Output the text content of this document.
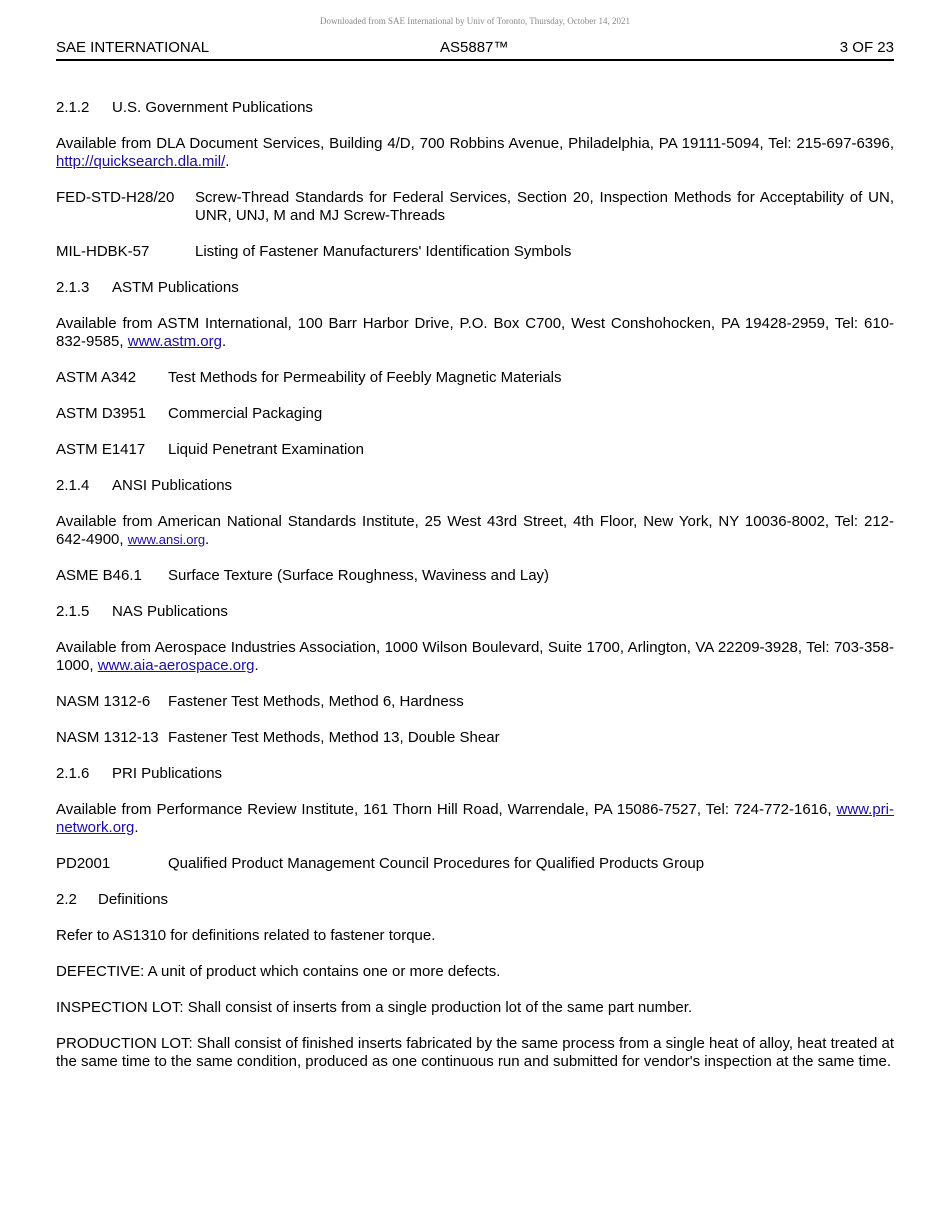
Downloaded from SAE International by Univ of Toronto, Thursday, October 14, 2021
SAE INTERNATIONAL	AS5887™	3 OF 23
2.1.2 U.S. Government Publications

Available from DLA Document Services, Building 4/D, 700 Robbins Avenue, Philadelphia, PA 19111-5094, Tel: 215-697-6396, http://quicksearch.dla.mil/.

FED-STD-H28/20	Screw-Thread Standards for Federal Services, Section 20, Inspection Methods for Acceptability of UN, UNR, UNJ, M and MJ Screw-Threads
MIL-HDBK-57	Listing of Fastener Manufacturers' Identification Symbols
2.1.3 ASTM Publications

Available from ASTM International, 100 Barr Harbor Drive, P.O. Box C700, West Conshohocken, PA 19428-2959, Tel: 610-832-9585, www.astm.org.

ASTM A342	Test Methods for Permeability of Feebly Magnetic Materials
ASTM D3951	Commercial Packaging
ASTM E1417	Liquid Penetrant Examination
2.1.4 ANSI Publications

Available from American National Standards Institute, 25 West 43rd Street, 4th Floor, New York, NY 10036-8002, Tel: 212-642-4900, www.ansi.org.

ASME B46.1	Surface Texture (Surface Roughness, Waviness and Lay)
2.1.5 NAS Publications

Available from Aerospace Industries Association, 1000 Wilson Boulevard, Suite 1700, Arlington, VA 22209-3928, Tel: 703-358-1000, www.aia-aerospace.org.

NASM 1312-6	Fastener Test Methods, Method 6, Hardness
NASM 1312-13 Fastener Test Methods, Method 13, Double Shear
2.1.6 PRI Publications

Available from Performance Review Institute, 161 Thorn Hill Road, Warrendale, PA 15086-7527, Tel: 724-772-1616, www.pri-network.org.

PD2001	Qualified Product Management Council Procedures for Qualified Products Group
2.2 Definitions

Refer to AS1310 for definitions related to fastener torque.

DEFECTIVE: A unit of product which contains one or more defects.

INSPECTION LOT: Shall consist of inserts from a single production lot of the same part number.

PRODUCTION LOT: Shall consist of finished inserts fabricated by the same process from a single heat of alloy, heat treated at the same time to the same condition, produced as one continuous run and submitted for vendor's inspection at the same time.
